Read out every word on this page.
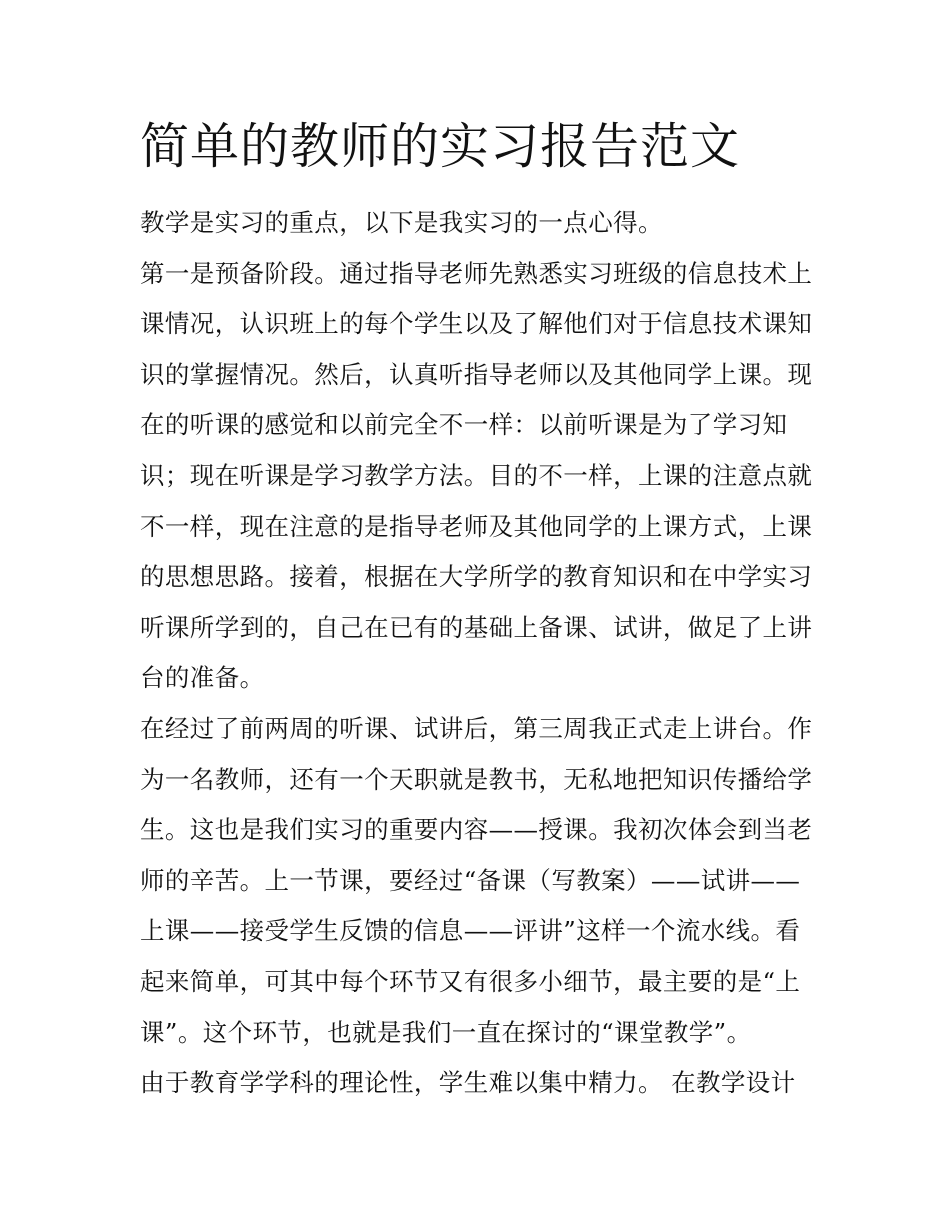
简单的教师的实习报告范文
教学是实习的重点，以下是我实习的一点心得。
第一是预备阶段。通过指导老师先熟悉实习班级的信息技术上
课情况，认识班上的每个学生以及了解他们对于信息技术课知
识的掌握情况。然后，认真听指导老师以及其他同学上课。现
在的听课的感觉和以前完全不一样：以前听课是为了学习知
识；现在听课是学习教学方法。目的不一样，上课的注意点就
不一样，现在注意的是指导老师及其他同学的上课方式，上课
的思想思路。接着，根据在大学所学的教育知识和在中学实习
听课所学到的，自己在已有的基础上备课、试讲，做足了上讲
台的准备。
在经过了前两周的听课、试讲后，第三周我正式走上讲台。作
为一名教师，还有一个天职就是教书，无私地把知识传播给学
生。这也是我们实习的重要内容——授课。我初次体会到当老
师的辛苦。上一节课，要经过“备课（写教案）——试讲——
上课——接受学生反馈的信息——评讲”这样一个流水线。看
起来简单，可其中每个环节又有很多小细节，最主要的是“上
课”。这个环节，也就是我们一直在探讨的“课堂教学”。
由于教育学学科的理论性，学生难以集中精力。 在教学设计
